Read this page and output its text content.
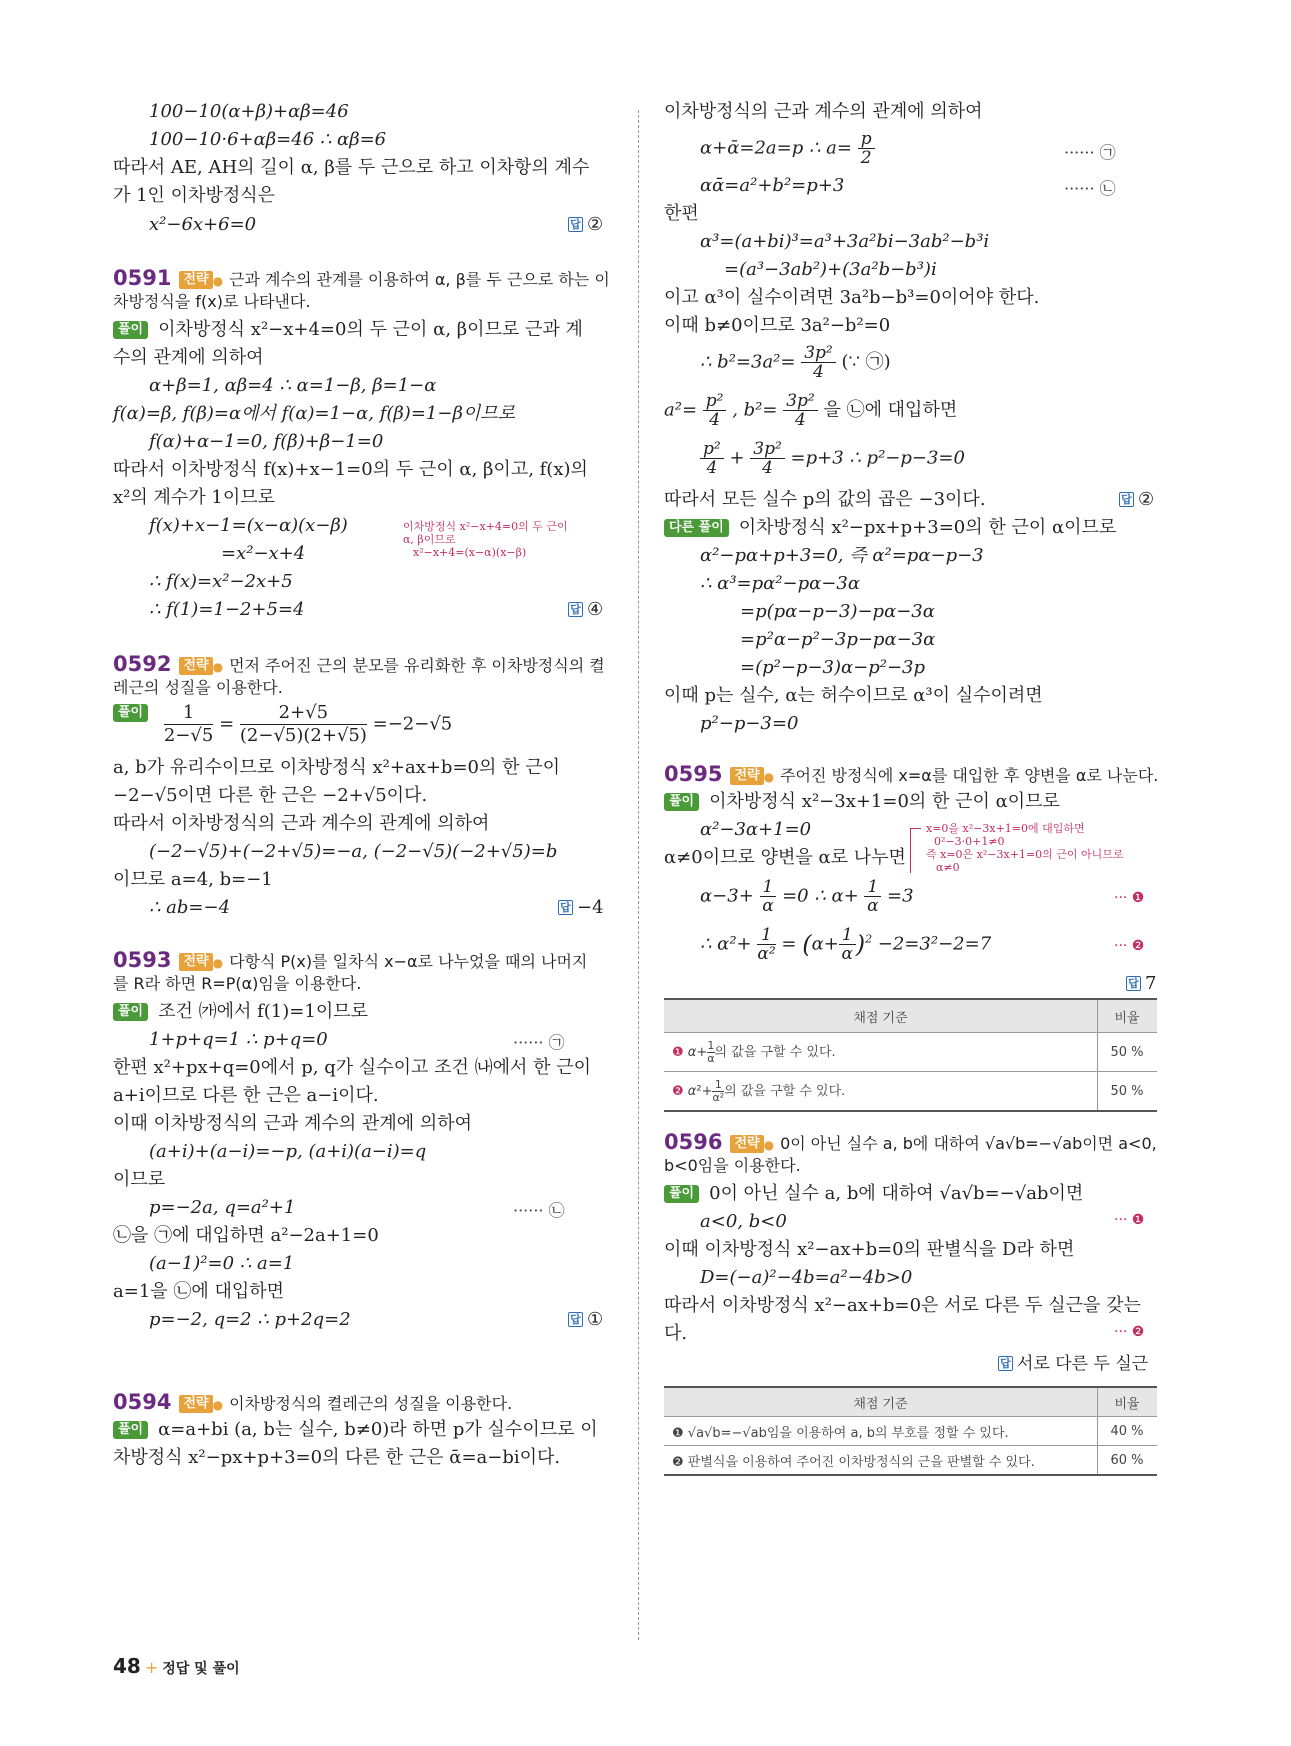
100−10(α+β)+αβ=46
100−10·6+αβ=46 ∴ αβ=6
따라서 AE, AH의 길이 α, β를 두 근으로 하고 이차항의 계수
가 1인 이차방정식은
x²−6x+6=0	답 ②
0591 전략 ● 근과 계수의 관계를 이용하여 α, β를 두 근으로 하는 이
차방정식을 f(x)로 나타낸다.
풀이 이차방정식 x²−x+4=0의 두 근이 α, β이므로 근과 계
수의 관계에 의하여
α+β=1, αβ=4 ∴ α=1−β, β=1−α
f(α)=β, f(β)=α에서 f(α)=1−α, f(β)=1−β이므로
f(α)+α−1=0, f(β)+β−1=0
따라서 이차방정식 f(x)+x−1=0의 두 근이 α, β이고, f(x)의
x²의 계수가 1이므로
f(x)+x−1=(x−α)(x−β)
=x²−x+4
이차방정식 x²−x+4=0의 두 근이
α, β이므로
x²−x+4=(x−α)(x−β)
∴ f(x)=x²−2x+5
∴ f(1)=1−2+5=4	답 ④
0592 전략 ● 먼저 주어진 근의 분모를 유리화한 후 이차방정식의 켤
레근의 성질을 이용한다.
풀이 $\frac{1}{2-√5} = \frac{2+√5}{(2-√5)(2+√5)} =-2-√5$
a, b가 유리수이므로 이차방정식 x²+ax+b=0의 한 근이
−2−√5이면 다른 한 근은 −2+√5이다.
따라서 이차방정식의 근과 계수의 관계에 의하여
(−2−√5)+(−2+√5)=−a, (−2−√5)(−2+√5)=b
이므로 a=4, b=−1
∴ ab=−4	답 −4
0593 전략 ● 다항식 P(x)를 일차식 x−α로 나누었을 때의 나머지
를 R라 하면 R=P(α)임을 이용한다.
풀이 조건 ㈎에서 f(1)=1이므로
1+p+q=1 ∴ p+q=0	······ ㉠
한편 x²+px+q=0에서 p, q가 실수이고 조건 ㈏에서 한 근이
a+i이므로 다른 한 근은 a−i이다.
이때 이차방정식의 근과 계수의 관계에 의하여
(a+i)+(a−i)=−p, (a+i)(a−i)=q
이므로
p=−2a, q=a²+1	······ ㉡
㉡을 ㉠에 대입하면 a²−2a+1=0
(a−1)²=0 ∴ a=1
a=1을 ㉡에 대입하면
p=−2, q=2 ∴ p+2q=2	답 ①
0594 전략 ● 이차방정식의 켤레근의 성질을 이용한다.
풀이 α=a+bi (a, b는 실수, b≠0)라 하면 p가 실수이므로 이
차방정식 x²−px+p+3=0의 다른 한 근은 ᾱ=a−bi이다.
이차방정식의 근과 계수의 관계에 의하여
α+ᾱ=2a=p ∴ $a= \frac{p}{2}$	······ ㉠
αᾱ=a²+b²=p+3	······ ㉡
한편
α³=(a+bi)³=a³+3a²bi−3ab²−b³i
=(a³−3ab²)+(3a²b−b³)i
이고 α³이 실수이려면 3a²b−b³=0이어야 한다.
이때 b≠0이므로 3a²−b²=0
∴ $b^2=3a^2= \frac{\text{3p²}}{4}$ (∵ ㉠)
$a^2= \frac{\text{p²}}{4}$ , $b^2= \frac{\text{3p²}}{4}$ 을 ㉡에 대입하면
$\frac{\text{p²}}{4} + \frac{\text{3p²}}{4} =p+3$ ∴ p²−p−3=0
따라서 모든 실수 p의 값의 곱은 −3이다.	답 ②
다른 풀이 이차방정식 x²−px+p+3=0의 한 근이 α이므로
α²−pα+p+3=0, 즉 α²=pα−p−3
∴ α³=pα²−pα−3α
=p(pα−p−3)−pα−3α
=p²α−p²−3p−pα−3α
=(p²−p−3)α−p²−3p
이때 p는 실수, α는 허수이므로 α³이 실수이려면
p²−p−3=0
0595 전략 ● 주어진 방정식에 x=α를 대입한 후 양변을 α로 나눈다.
풀이 이차방정식 x²−3x+1=0의 한 근이 α이므로
α²−3α+1=0
α≠0이므로 양변을 α로 나누면
x=0을 x²−3x+1=0에 대입하면
0²−3·0+1≠0
즉 x=0은 x²−3x+1=0의 근이 아니므로
α≠0
$\alpha-3+ \frac{1}{\alpha} =0$ ∴ $\alpha+ \frac{1}{\alpha} =3$	··· ❶
∴ $\alpha^2+ \frac{1}{\text{α²}} = (\alpha+ \frac{1}{\alpha} )^2 -2=3^2-2=7$	··· ❷
답 7
채점 기준	비율
❶ $\alpha+ \frac{1}{\alpha}$ 의 값을 구할 수 있다.	50 %
❷ $\alpha^2+ \frac{1}{\text{α²}}$ 의 값을 구할 수 있다.	50 %
0596 전략 ● 0이 아닌 실수 a, b에 대하여 √a√b=−√ab이면 a<0,
b<0임을 이용한다.
풀이 0이 아닌 실수 a, b에 대하여 √a√b=−√ab이면
a<0, b<0	··· ❶
이때 이차방정식 x²−ax+b=0의 판별식을 D라 하면
D=(−a)²−4b=a²−4b>0
따라서 이차방정식 x²−ax+b=0은 서로 다른 두 실근을 갖는
다.	··· ❷
답 서로 다른 두 실근
채점 기준	비율
❶ √a√b=−√ab임을 이용하여 a, b의 부호를 정할 수 있다.	40 %
❷ 판별식을 이용하여 주어진 이차방정식의 근을 판별할 수 있다.	60 %
48 + 정답 및 풀이
